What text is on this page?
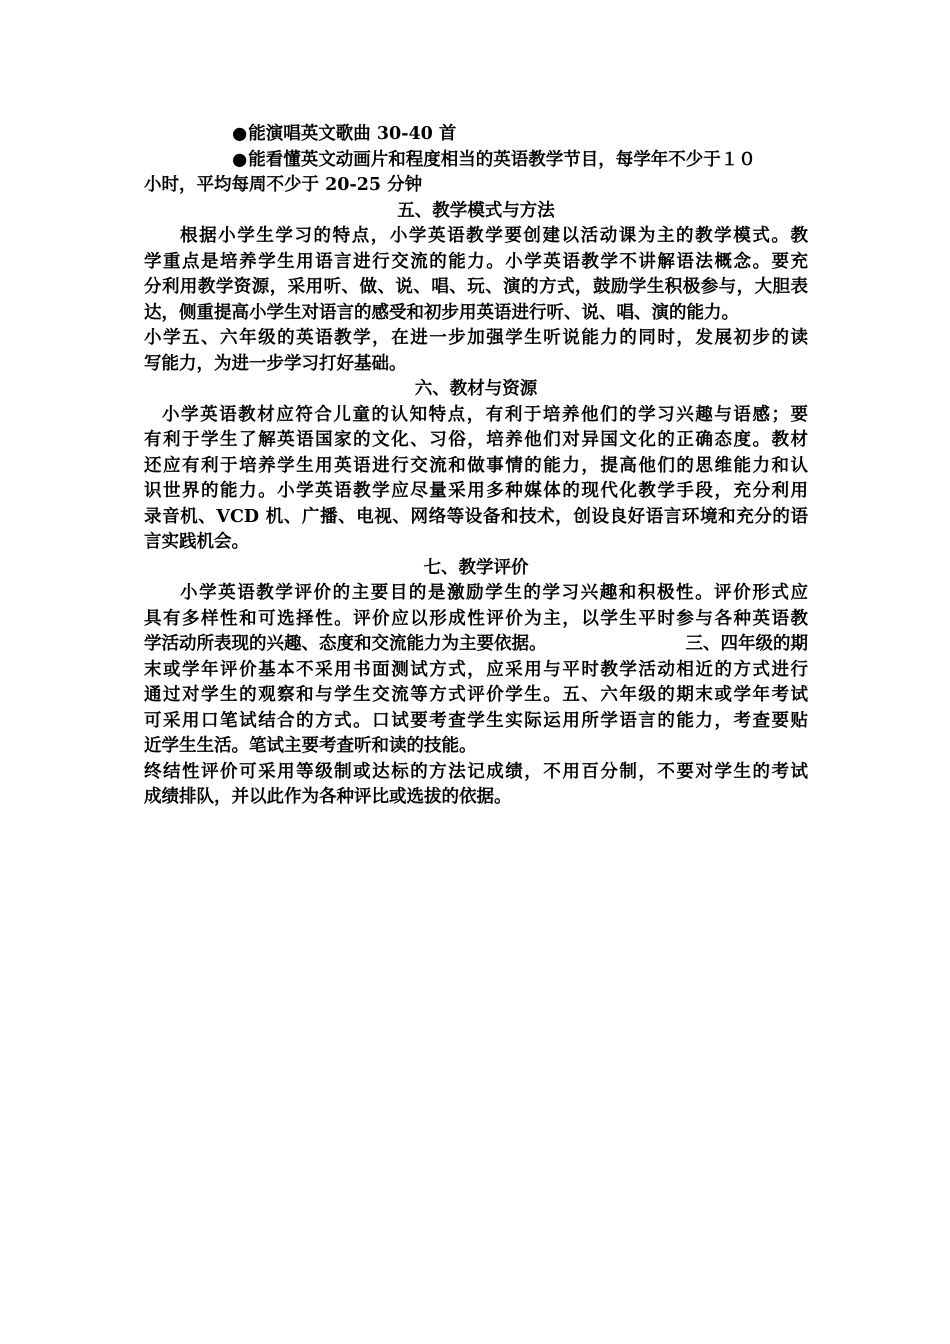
●能演唱英文歌曲 30-40 首
●能看懂英文动画片和程度相当的英语教学节目，每学年不少于１０
小时，平均每周不少于 20-25 分钟
五、教学模式与方法
根据小学生学习的特点，小学英语教学要创建以活动课为主的教学模式。教
学重点是培养学生用语言进行交流的能力。小学英语教学不讲解语法概念。要充
分利用教学资源，采用听、做、说、唱、玩、演的方式，鼓励学生积极参与，大胆表
达，侧重提高小学生对语言的感受和初步用英语进行听、说、唱、演的能力。
小学五、六年级的英语教学，在进一步加强学生听说能力的同时，发展初步的读
写能力，为进一步学习打好基础。
六、教材与资源
小学英语教材应符合儿童的认知特点，有利于培养他们的学习兴趣与语感；要
有利于学生了解英语国家的文化、习俗，培养他们对异国文化的正确态度。教材
还应有利于培养学生用英语进行交流和做事情的能力，提高他们的思维能力和认
识世界的能力。小学英语教学应尽量采用多种媒体的现代化教学手段，充分利用
录音机、VCD 机、广播、电视、网络等设备和技术，创设良好语言环境和充分的语
言实践机会。
七、教学评价
小学英语教学评价的主要目的是激励学生的学习兴趣和积极性。评价形式应
具有多样性和可选择性。评价应以形成性评价为主，以学生平时参与各种英语教
学活动所表现的兴趣、态度和交流能力为主要依据。	三、四年级的期
末或学年评价基本不采用书面测试方式，应采用与平时教学活动相近的方式进行
通过对学生的观察和与学生交流等方式评价学生。五、六年级的期末或学年考试
可采用口笔试结合的方式。口试要考查学生实际运用所学语言的能力，考查要贴
近学生生活。笔试主要考查听和读的技能。
终结性评价可采用等级制或达标的方法记成绩，不用百分制，不要对学生的考试
成绩排队，并以此作为各种评比或选拔的依据。
